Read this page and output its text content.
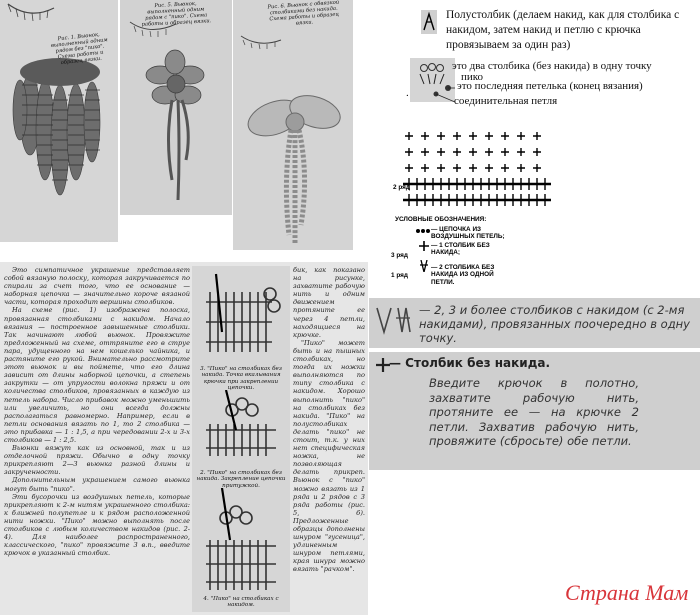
Рис. 1. Вьюнок, выполненный одним рядом без "пико". Схема работы и образец вязки.
Рис. 5. Вьюнок, выполненный одним рядом с "пико". Схема работы и образец вязки.
Рис. 6. Вьюнок с обвязкой столбиками без накида. Схема работы и образец вязки.
Полустолбик (делаем накид, как для столбика с накидом, затем накид и петлю с крючка провязываем за один раз)
это два столбика (без накида) в одну точку
пико
это последняя петелька (конец вязания)
.
соединительная петля
2 ряд
УСЛОВНЫЕ ОБОЗНАЧЕНИЯ:
— ЦЕПОЧКА ИЗ ВОЗДУШНЫХ ПЕТЕЛЬ;
— 1 СТОЛБИК БЕЗ НАКИДА;
3 ряд
— 2 СТОЛБИКА БЕЗ НАКИДА ИЗ ОДНОЙ ПЕТЛИ.
1 ряд
— 2, 3 и более столбиков с накидом (с 2-мя накидами), провязанных поочередно в одну точку.
— Столбик без накида.
Введите крючок в полотно, захватите рабочую нить, протяните ее — на крючке 2 петли. Захватив рабочую нить, провяжите (сбросьте) обе петли.

Это симпатичное украшение представляет собой вязаную полоску, которая закручивается по спирали за счет того, что ее основание — наборная цепочка — значительно короче вязаной части, которая проходит вершины столбиков.

На схеме (рис. 1) изображена полоска, провязанная столбиками с накидом. Начало вязания — построенное завышенные столбики. Так начинают любой вьюнок. Провяжите предложенный на схеме, оттряните его в струе пара, удущенного на нем кошелько чайника, и растяните его рукой. Внимательно рассмотрите этот вьюнок и вы поймете, что его длина зависит от длины наборной цепочки, а степень закрутки — от упругости волокна пряжи и от количества столбиков, провязанных в каждую из петель набора. Число прибавок можно уменьшить или увеличить, но они всегда должны располагаться равномерно. Например, если в петли основания вязать по 1, то 2 столбика — это прибавка — 1 : 1,5, а при чередовании 2-х и 3-х столбиков — 1 : 2,5.

Вьюнки вяжут как из основной, так и из отделочной пряжи. Обычно в одну точку прикрепляют 2—3 вьюнка разной длины и закрученности.

Дополнительным украшением самого вьюнка могут быть "пико".

Эти бусорочки из воздушных петель, которые прикрепляют к 2-м нитям украшенного столбика: к ближней полупетле и к рядом расположенной нити ножки. "Пико" можно выполнять после столбиков с любым количеством накидов (рис. 2-4). Для наиболее распространенного, классического, "пико" провяжите 3 в.п., введите крючок в указанный столбик.

3. "Пико" на столбиках без накида. Точка вкалывания крючка при закреплении цепочки.
2. "Пико" на столбиках без накида. Закрепление цепочки притужкой.
4. "Пико" на столбиках с накидом.

бик, как показано на рисунке, захватите рабочую нить и одним движением протяните ее через 4 петли, находящиеся на крючке.

"Пико" может быть и на пышных столбиках, но тогда их ножки выполняются по типу столбика с накидом. Хорошо выполнить "пико" на столбиках без накида. "Пико" на полустолбиках делать "пико" не стоит, т.к. у них нет специфическая ножка, не позволяющая делать прикреп. Вьюнок с "пико" можно вязать из 1 ряда и 2 рядов с 3 ряда работы (рис. 5, 6). Предложенные образцы дополнены шнуром "гусеница", удлиненным шнуром петлями, края шнура можно вязать "рачком".

Страна Мам
